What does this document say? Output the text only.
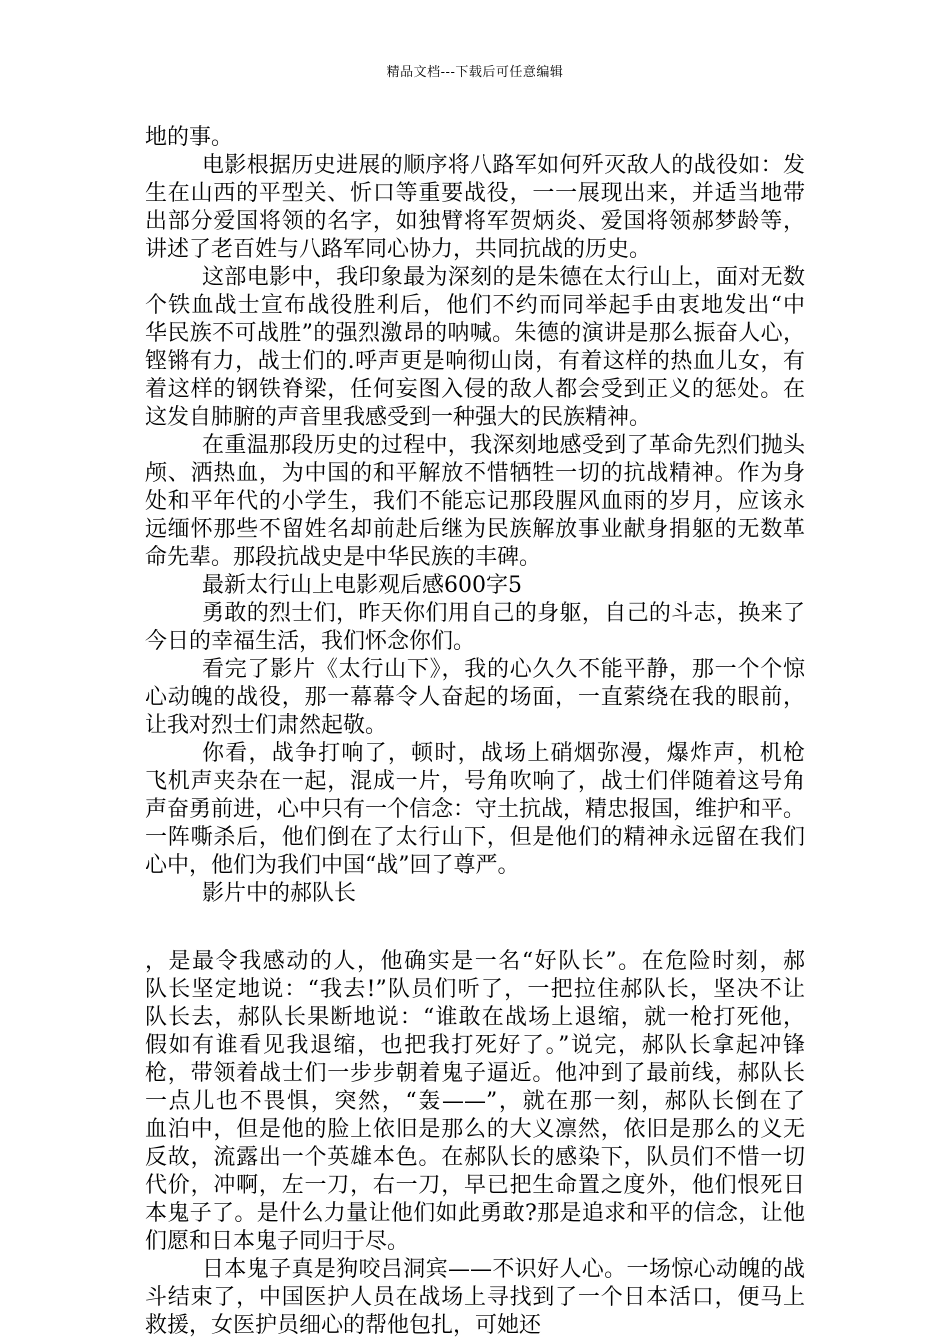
精品文档---下载后可任意编辑
地的事。
电影根据历史进展的顺序将八路军如何歼灭敌人的战役如：发
生在山西的平型关、忻口等重要战役，一一展现出来，并适当地带
出部分爱国将领的名字，如独臂将军贺炳炎、爱国将领郝梦龄等，
讲述了老百姓与八路军同心协力，共同抗战的历史。
这部电影中，我印象最为深刻的是朱德在太行山上，面对无数
个铁血战士宣布战役胜利后，他们不约而同举起手由衷地发出“中
华民族不可战胜”的强烈激昂的呐喊。朱德的演讲是那么振奋人心，
铿锵有力，战士们的.呼声更是响彻山岗，有着这样的热血儿女，有
着这样的钢铁脊梁，任何妄图入侵的敌人都会受到正义的惩处。在
这发自肺腑的声音里我感受到一种强大的民族精神。
在重温那段历史的过程中，我深刻地感受到了革命先烈们抛头
颅、洒热血，为中国的和平解放不惜牺牲一切的抗战精神。作为身
处和平年代的小学生，我们不能忘记那段腥风血雨的岁月，应该永
远缅怀那些不留姓名却前赴后继为民族解放事业献身捐躯的无数革
命先辈。那段抗战史是中华民族的丰碑。
最新太行山上电影观后感600字5
勇敢的烈士们，昨天你们用自己的身躯，自己的斗志，换来了
今日的幸福生活，我们怀念你们。
看完了影片《太行山下》，我的心久久不能平静，那一个个惊
心动魄的战役，那一幕幕令人奋起的场面，一直萦绕在我的眼前，
让我对烈士们肃然起敬。
你看，战争打响了，顿时，战场上硝烟弥漫，爆炸声，机枪
飞机声夹杂在一起，混成一片，号角吹响了，战士们伴随着这号角
声奋勇前进，心中只有一个信念：守土抗战，精忠报国，维护和平。
一阵嘶杀后，他们倒在了太行山下，但是他们的精神永远留在我们
心中，他们为我们中国“战”回了尊严。
影片中的郝队长
，是最令我感动的人，他确实是一名“好队长”。在危险时刻，郝
队长坚定地说：“我去!”队员们听了，一把拉住郝队长，坚决不让
队长去，郝队长果断地说：“谁敢在战场上退缩，就一枪打死他，
假如有谁看见我退缩，也把我打死好了。”说完，郝队长拿起冲锋
枪，带领着战士们一步步朝着鬼子逼近。他冲到了最前线，郝队长
一点儿也不畏惧，突然，“轰——”，就在那一刻，郝队长倒在了
血泊中，但是他的脸上依旧是那么的大义凛然，依旧是那么的义无
反故，流露出一个英雄本色。在郝队长的感染下，队员们不惜一切
代价，冲啊，左一刀，右一刀，早已把生命置之度外，他们恨死日
本鬼子了。是什么力量让他们如此勇敢?那是追求和平的信念，让他
们愿和日本鬼子同归于尽。
日本鬼子真是狗咬吕洞宾——不识好人心。一场惊心动魄的战
斗结束了，中国医护人员在战场上寻找到了一个日本活口，便马上
救援，女医护员细心的帮他包扎，可她还
